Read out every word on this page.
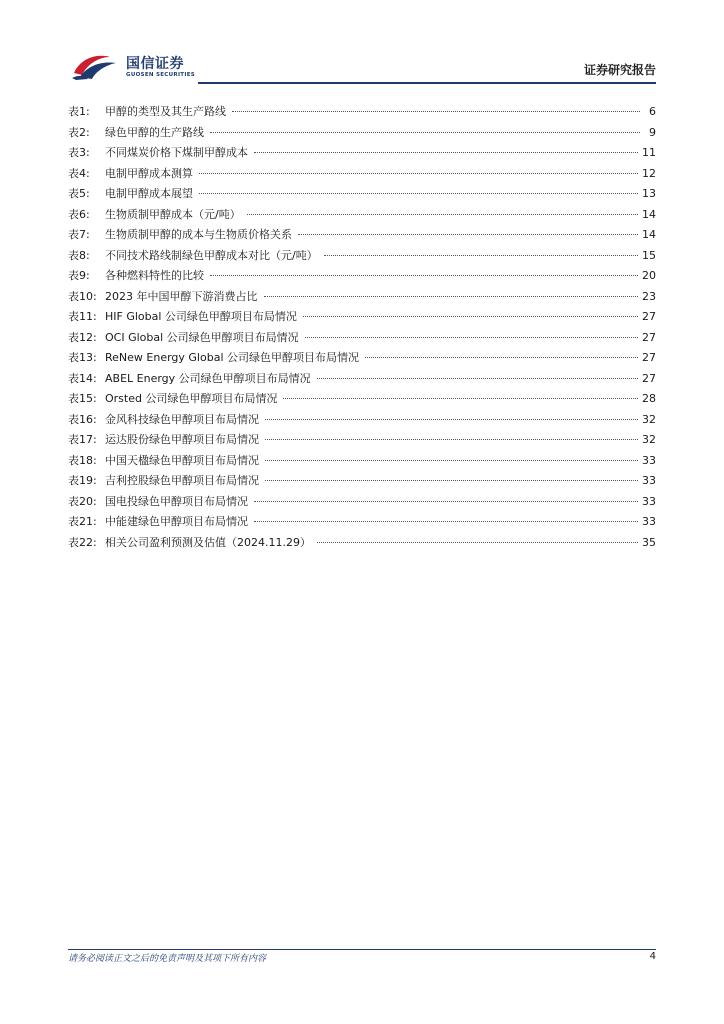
国信证券
GUOSEN SECURITIES	证券研究报告
表1:	甲醇的类型及其生产路线	6
表2:	绿色甲醇的生产路线	9
表3:	不同煤炭价格下煤制甲醇成本	11
表4:	电制甲醇成本测算	12
表5:	电制甲醇成本展望	13
表6:	生物质制甲醇成本（元/吨）	14
表7:	生物质制甲醇的成本与生物质价格关系	14
表8:	不同技术路线制绿色甲醇成本对比（元/吨）	15
表9:	各种燃料特性的比较	20
表10: 2023 年中国甲醇下游消费占比	23
表11: HIF Global 公司绿色甲醇项目布局情况	27
表12: OCI Global 公司绿色甲醇项目布局情况	27
表13: ReNew Energy Global 公司绿色甲醇项目布局情况	27
表14: ABEL Energy 公司绿色甲醇项目布局情况	27
表15: Orsted 公司绿色甲醇项目布局情况	28
表16: 金风科技绿色甲醇项目布局情况	32
表17: 运达股份绿色甲醇项目布局情况	32
表18: 中国天楹绿色甲醇项目布局情况	33
表19: 吉利控股绿色甲醇项目布局情况	33
表20: 国电投绿色甲醇项目布局情况	33
表21: 中能建绿色甲醇项目布局情况	33
表22: 相关公司盈利预测及估值（2024.11.29）	35
请务必阅读正文之后的免责声明及其项下所有内容	4
